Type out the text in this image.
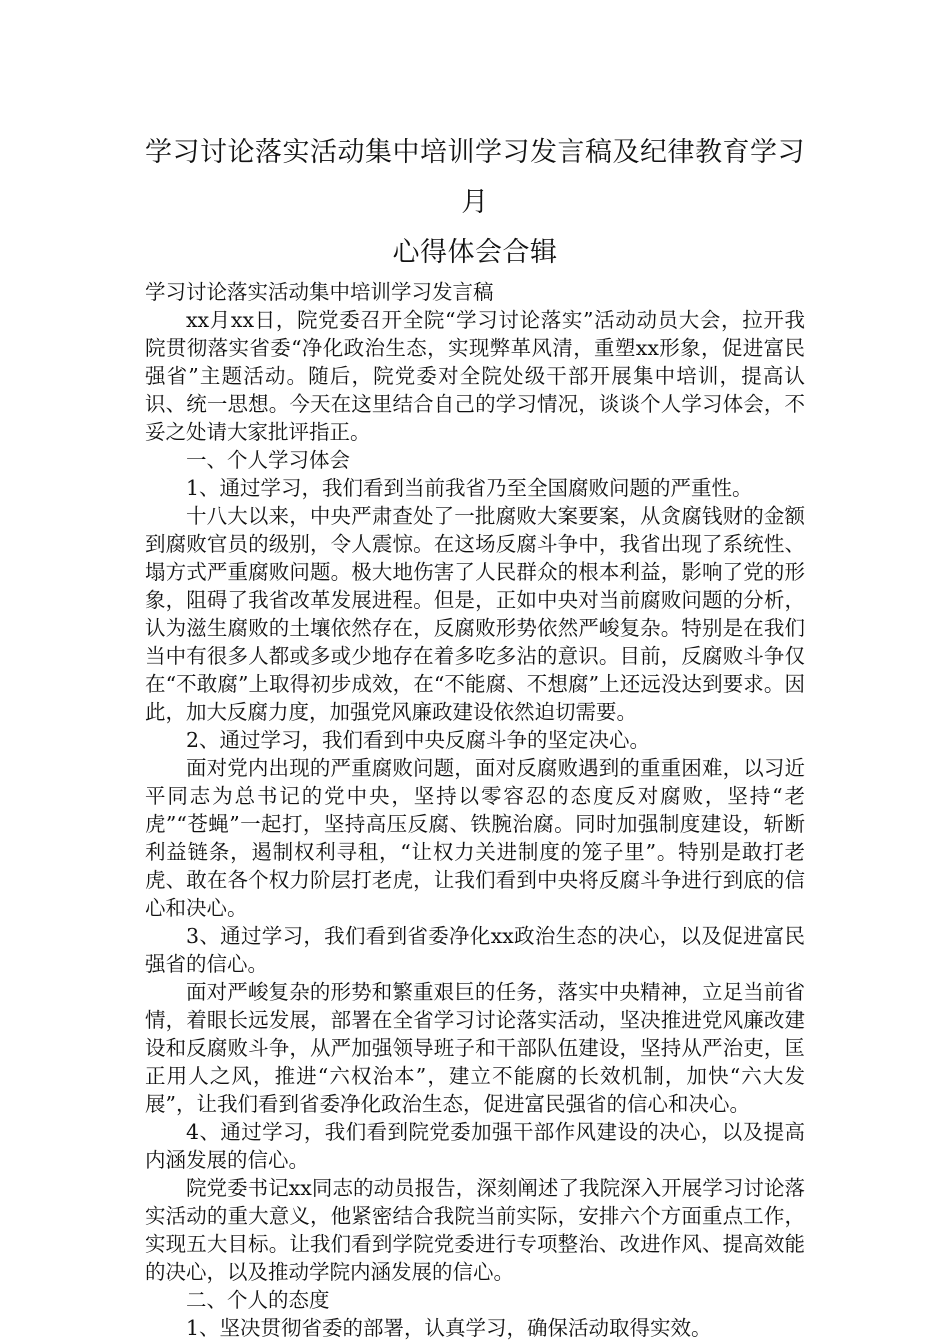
学习讨论落实活动集中培训学习发言稿及纪律教育学习月
心得体会合辑
学习讨论落实活动集中培训学习发言稿

xx月xx日，院党委召开全院“学习讨论落实”活动动员大会，拉开我院贯彻落实省委“净化政治生态，实现弊革风清，重塑xx形象，促进富民强省”主题活动。随后，院党委对全院处级干部开展集中培训，提高认识、统一思想。今天在这里结合自己的学习情况，谈谈个人学习体会，不妥之处请大家批评指正。

一、个人学习体会

1、通过学习，我们看到当前我省乃至全国腐败问题的严重性。

十八大以来，中央严肃查处了一批腐败大案要案，从贪腐钱财的金额到腐败官员的级别，令人震惊。在这场反腐斗争中，我省出现了系统性、塌方式严重腐败问题。极大地伤害了人民群众的根本利益，影响了党的形象，阻碍了我省改革发展进程。但是，正如中央对当前腐败问题的分析，认为滋生腐败的土壤依然存在，反腐败形势依然严峻复杂。特别是在我们当中有很多人都或多或少地存在着多吃多沾的意识。目前，反腐败斗争仅在“不敢腐”上取得初步成效，在“不能腐、不想腐”上还远没达到要求。因此，加大反腐力度，加强党风廉政建设依然迫切需要。

2、通过学习，我们看到中央反腐斗争的坚定决心。

面对党内出现的严重腐败问题，面对反腐败遇到的重重困难，以习近平同志为总书记的党中央，坚持以零容忍的态度反对腐败，坚持“老虎”“苍蝇”一起打，坚持高压反腐、铁腕治腐。同时加强制度建设，斩断利益链条，遏制权利寻租，“让权力关进制度的笼子里”。特别是敢打老虎、敢在各个权力阶层打老虎，让我们看到中央将反腐斗争进行到底的信心和决心。

3、通过学习，我们看到省委净化xx政治生态的决心，以及促进富民强省的信心。

面对严峻复杂的形势和繁重艰巨的任务，落实中央精神，立足当前省情，着眼长远发展，部署在全省学习讨论落实活动，坚决推进党风廉改建设和反腐败斗争，从严加强领导班子和干部队伍建设，坚持从严治吏，匡正用人之风，推进“六权治本”，建立不能腐的长效机制，加快“六大发展”，让我们看到省委净化政治生态，促进富民强省的信心和决心。

4、通过学习，我们看到院党委加强干部作风建设的决心，以及提高内涵发展的信心。

院党委书记xx同志的动员报告，深刻阐述了我院深入开展学习讨论落实活动的重大意义，他紧密结合我院当前实际，安排六个方面重点工作，实现五大目标。让我们看到学院党委进行专项整治、改进作风、提高效能的决心，以及推动学院内涵发展的信心。

二、个人的态度

1、坚决贯彻省委的部署，认真学习，确保活动取得实效。
